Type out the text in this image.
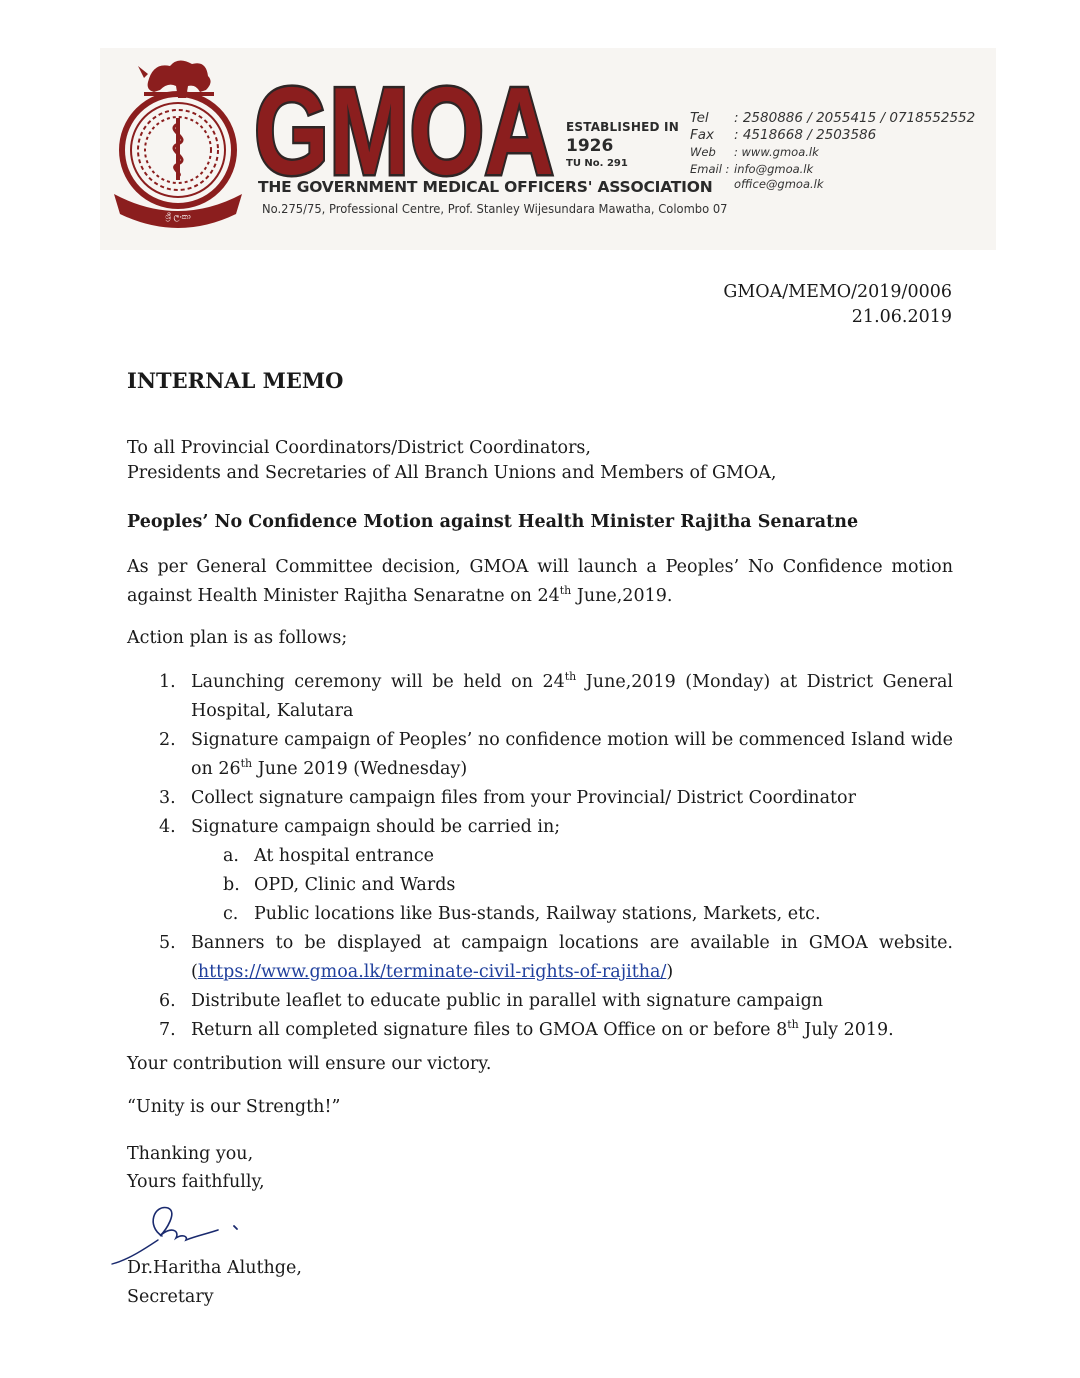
ශ්‍රී ලංකා
GMOA ESTABLISHED IN
1926
TU No. 291
THE GOVERNMENT MEDICAL OFFICERS' ASSOCIATION
No.275/75, Professional Centre, Prof. Stanley Wijesundara Mawatha, Colombo 07
Tel : 2580886 / 2055415 / 0718552552
Fax : 4518668 / 2503586
Web : www.gmoa.lk
Email : info@gmoa.lk
office@gmoa.lk
GMOA/MEMO/2019/0006
21.06.2019
INTERNAL MEMO
To all Provincial Coordinators/District Coordinators,
Presidents and Secretaries of All Branch Unions and Members of GMOA,
Peoples’ No Confidence Motion against Health Minister Rajitha Senaratne

As per General Committee decision, GMOA will launch a Peoples’ No Confidence motion against Health Minister Rajitha Senaratne on 24th June,2019.

Action plan is as follows;

1. Launching ceremony will be held on 24th June,2019 (Monday) at District General Hospital, Kalutara
2. Signature campaign of Peoples’ no confidence motion will be commenced Island wide on 26th June 2019 (Wednesday)
3. Collect signature campaign files from your Provincial/ District Coordinator
4. Signature campaign should be carried in;
a. At hospital entrance
b. OPD, Clinic and Wards
c. Public locations like Bus-stands, Railway stations, Markets, etc.
5. Banners to be displayed at campaign locations are available in GMOA website. (https://www.gmoa.lk/terminate-civil-rights-of-rajitha/)
6. Distribute leaflet to educate public in parallel with signature campaign
7. Return all completed signature files to GMOA Office on or before 8th July 2019.

Your contribution will ensure our victory.

“Unity is our Strength!”

Thanking you,
Yours faithfully,
Dr.Haritha Aluthge,
Secretary
